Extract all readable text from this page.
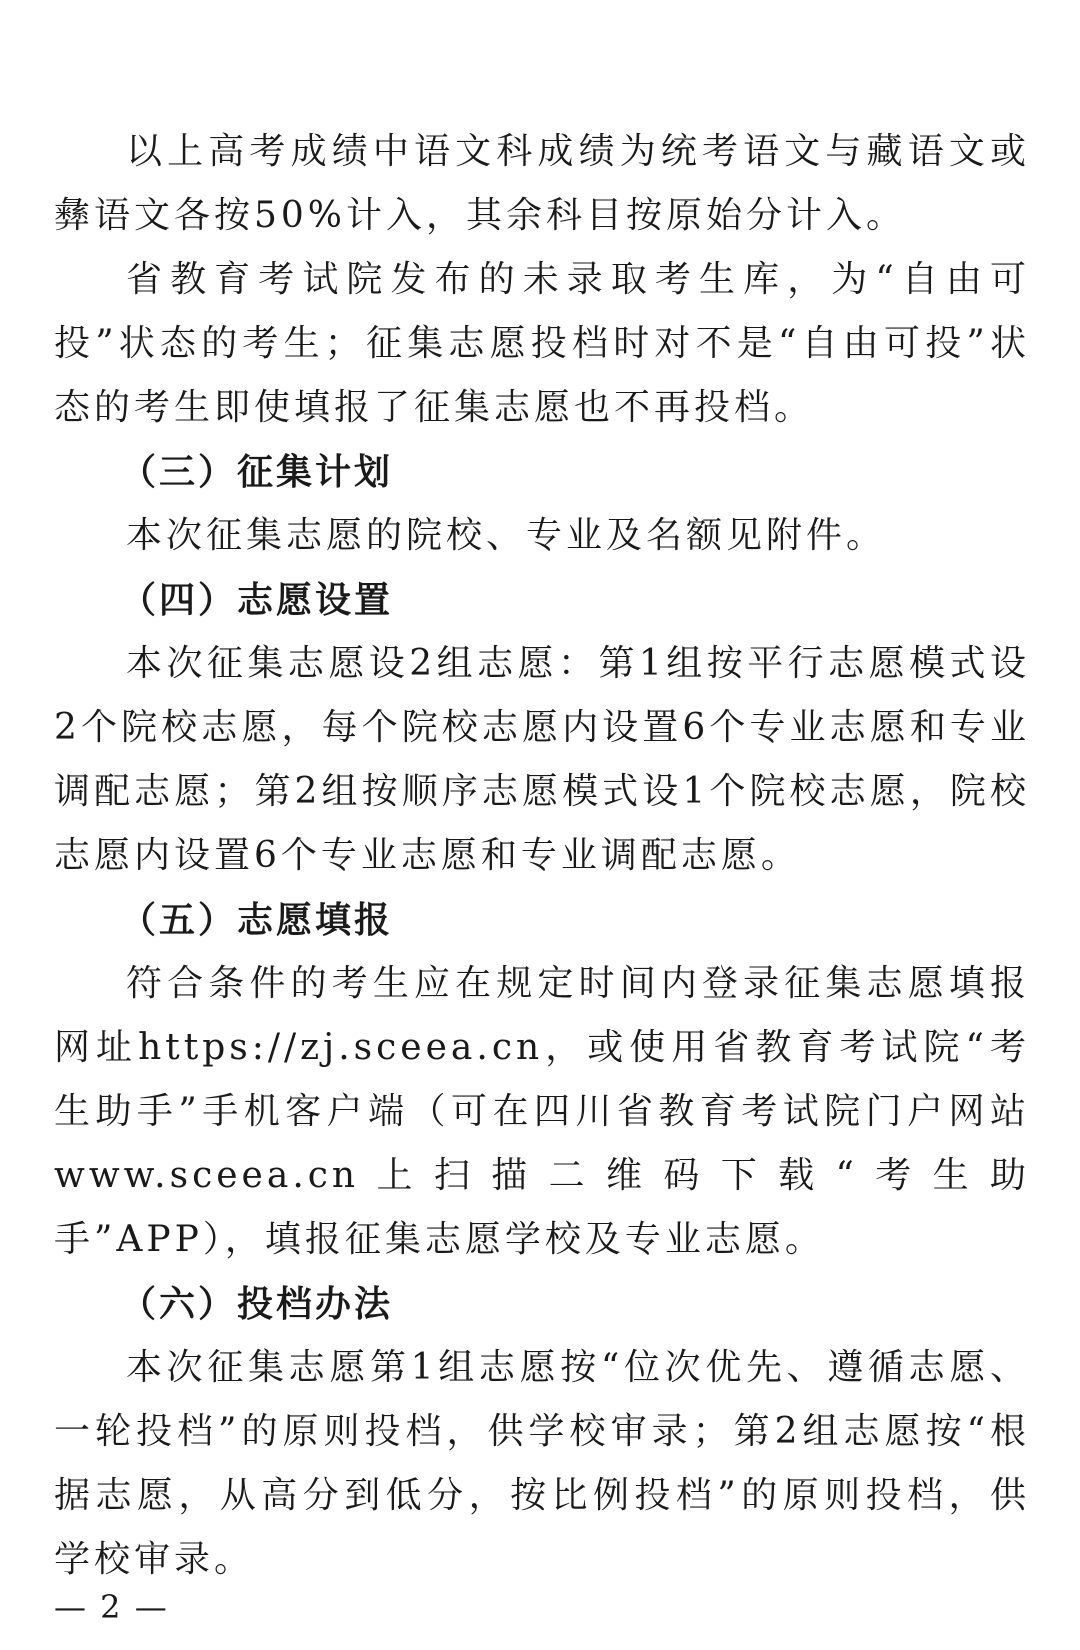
以上高考成绩中语文科成绩为统考语文与藏语文或彝语文各按50%计入，其余科目按原始分计入。

省教育考试院发布的未录取考生库，为“自由可投”状态的考生；征集志愿投档时对不是“自由可投”状态的考生即使填报了征集志愿也不再投档。

（三）征集计划

本次征集志愿的院校、专业及名额见附件。

（四）志愿设置

本次征集志愿设2组志愿：第1组按平行志愿模式设2个院校志愿，每个院校志愿内设置6个专业志愿和专业调配志愿；第2组按顺序志愿模式设1个院校志愿，院校志愿内设置6个专业志愿和专业调配志愿。

（五）志愿填报

符合条件的考生应在规定时间内登录征集志愿填报网址https://zj.sceea.cn，或使用省教育考试院“考生助手”手机客户端（可在四川省教育考试院门户网站www.sceea.cn上扫描二维码下载“考生助手”APP），填报征集志愿学校及专业志愿。

（六）投档办法

本次征集志愿第1组志愿按“位次优先、遵循志愿、一轮投档”的原则投档，供学校审录；第2组志愿按“根据志愿，从高分到低分，按比例投档”的原则投档，供学校审录。

— 2 —
